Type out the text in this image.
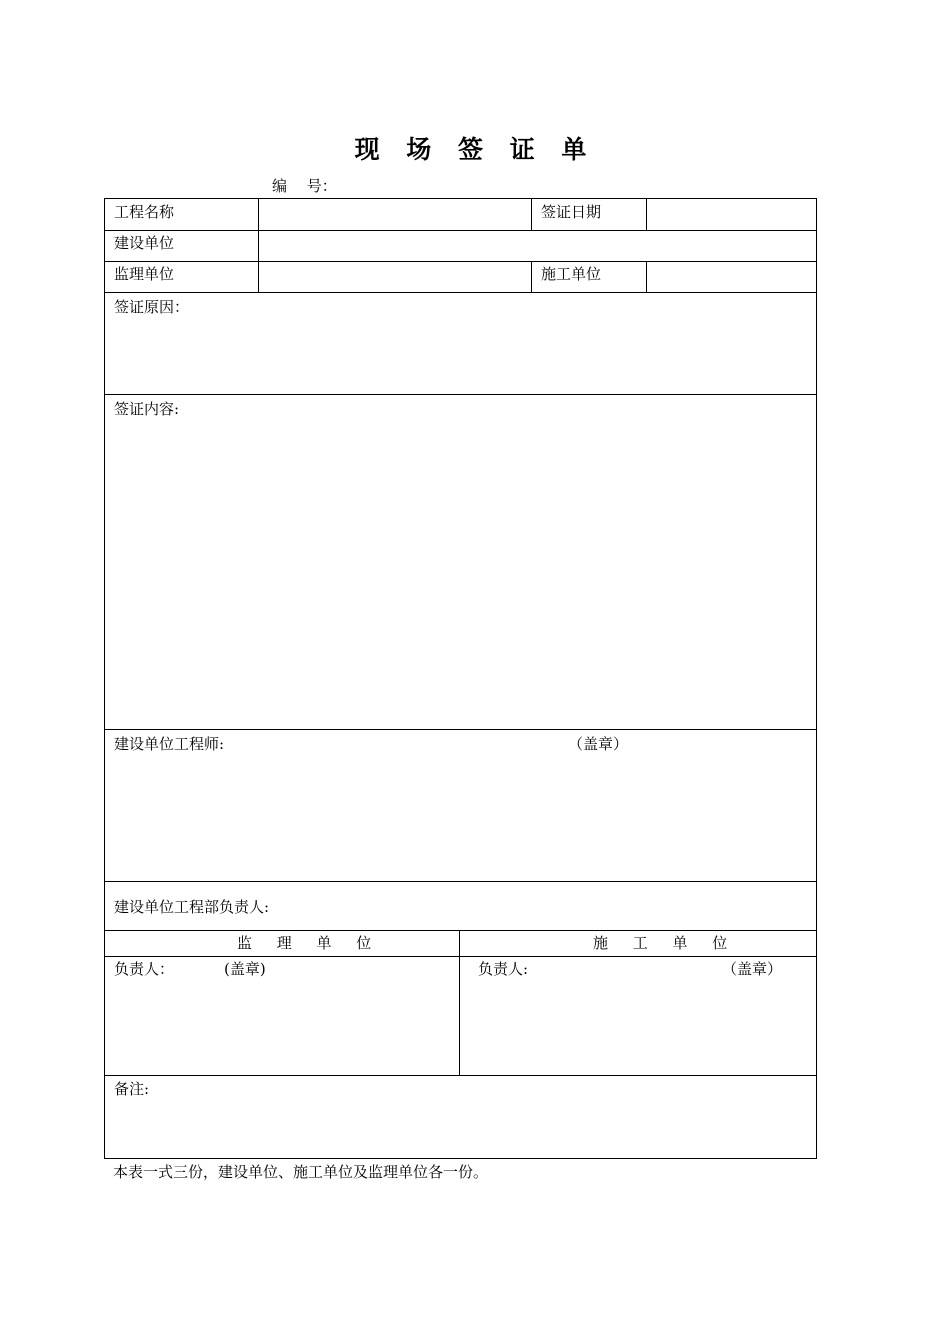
现 场 签 证 单
编　 号：
工程名称	签证日期
建设单位
监理单位	施工单位
签证原因：
签证内容:
建设单位工程师:	（盖章）
建设单位工程部负责人:
监 理 单 位	施 工 单 位
负责人：	(盖章)	负责人:	（盖章）
备注:
本表一式三份，建设单位、施工单位及监理单位各一份。
